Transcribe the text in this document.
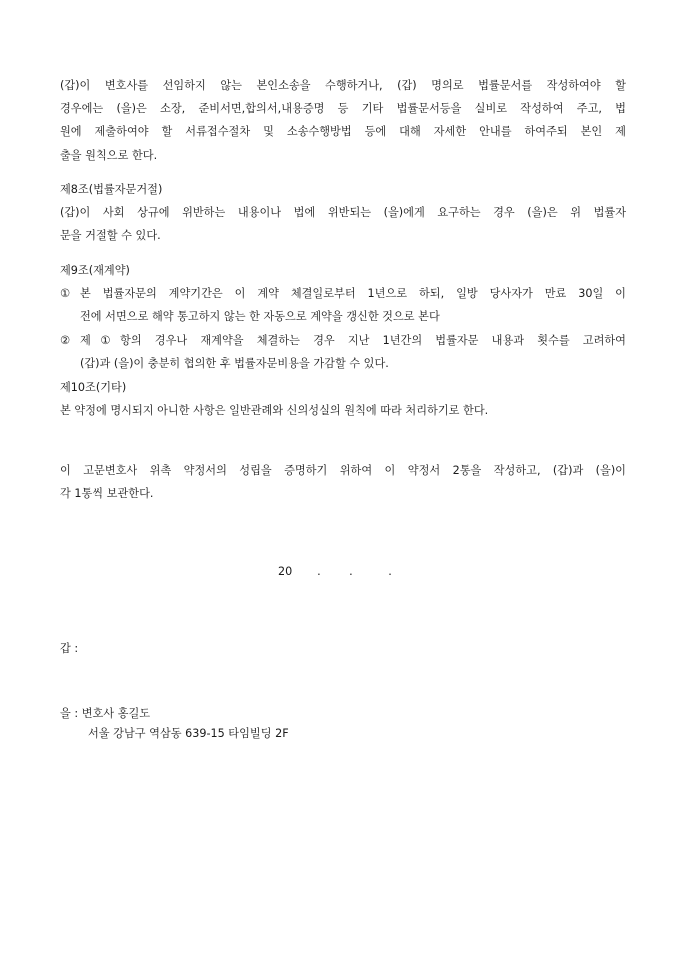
(갑)이 변호사를 선임하지 않는 본인소송을 수행하거나, (갑) 명의로 법률문서를 작성하여야 할
경우에는 (을)은 소장, 준비서면,합의서,내용증명 등 기타 법률문서등을 실비로 작성하여 주고, 법
원에 제출하여야 할 서류접수절차 및 소송수행방법 등에 대해 자세한 안내를 하여주되 본인 제
출을 원칙으로 한다.
제8조(법률자문거절)
(갑)이 사회 상규에 위반하는 내용이나 법에 위반되는 (을)에게 요구하는 경우 (을)은 위 법률자
문을 거절할 수 있다.
제9조(재계약)
① 본 법률자문의 계약기간은 이 계약 체결일로부터 1년으로 하되, 일방 당사자가 만료 30일 이
전에 서면으로 해약 통고하지 않는 한 자동으로 계약을 갱신한 것으로 본다
② 제①항의 경우나 재계약을 체결하는 경우 지난 1년간의 법률자문 내용과 횟수를 고려하여
(갑)과 (을)이 충분히 협의한 후 법률자문비용을 가감할 수 있다.
제10조(기타)
본 약정에 명시되지 아니한 사항은 일반관례와 신의성실의 원칙에 따라 처리하기로 한다.
이 고문변호사 위촉 약정서의 성립을 증명하기 위하여 이 약정서 2통을 작성하고, (갑)과 (을)이
각 1통씩 보관한다.
20       .        .          .
갑 :
을 : 변호사 홍길도
서울 강남구 역삼동 639-15 타임빌딩 2F
